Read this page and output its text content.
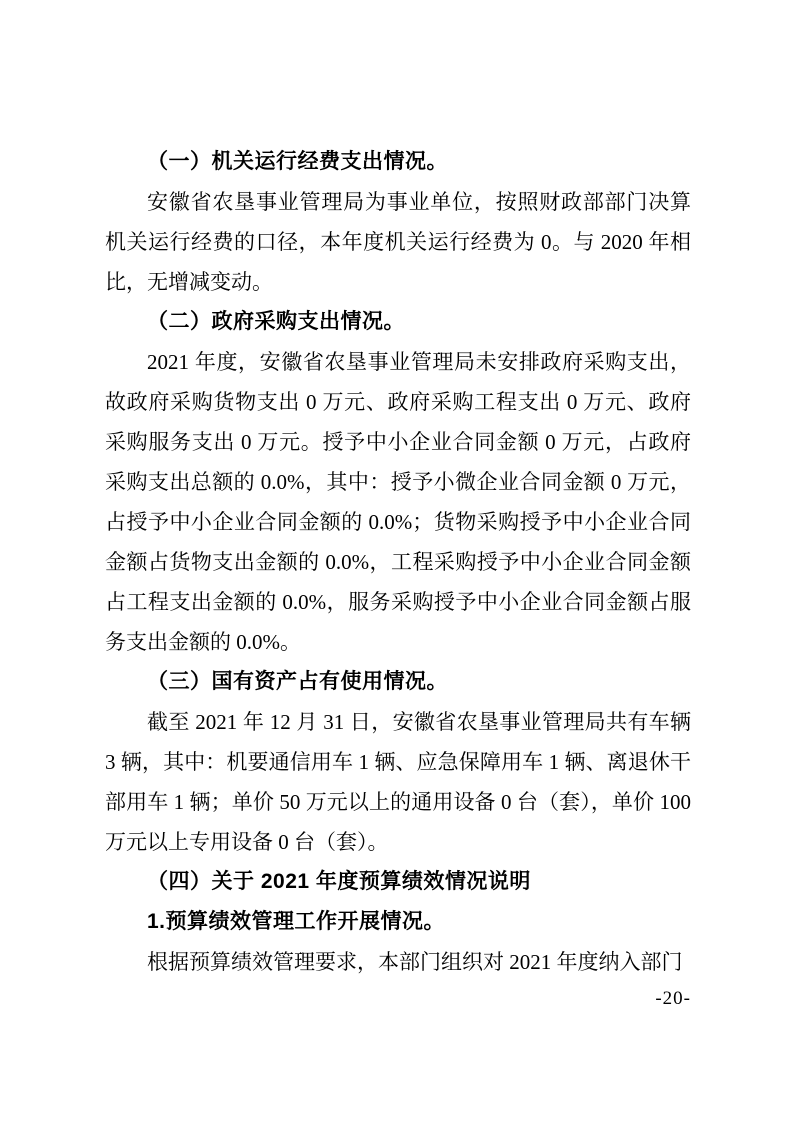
（一）机关运行经费支出情况。

安徽省农垦事业管理局为事业单位，按照财政部部门决算机关运行经费的口径，本年度机关运行经费为 0。与 2020 年相比，无增减变动。

（二）政府采购支出情况。

2021 年度，安徽省农垦事业管理局未安排政府采购支出，故政府采购货物支出 0 万元、政府采购工程支出 0 万元、政府采购服务支出 0 万元。授予中小企业合同金额 0 万元，占政府采购支出总额的 0.0%，其中：授予小微企业合同金额 0 万元，占授予中小企业合同金额的 0.0%；货物采购授予中小企业合同金额占货物支出金额的 0.0%，工程采购授予中小企业合同金额占工程支出金额的 0.0%，服务采购授予中小企业合同金额占服务支出金额的 0.0%。

（三）国有资产占有使用情况。

截至 2021 年 12 月 31 日，安徽省农垦事业管理局共有车辆 3 辆，其中：机要通信用车 1 辆、应急保障用车 1 辆、离退休干部用车 1 辆；单价 50 万元以上的通用设备 0 台（套），单价 100 万元以上专用设备 0 台（套）。

（四）关于 2021 年度预算绩效情况说明
1.预算绩效管理工作开展情况。

根据预算绩效管理要求，本部门组织对 2021 年度纳入部门

-20-
